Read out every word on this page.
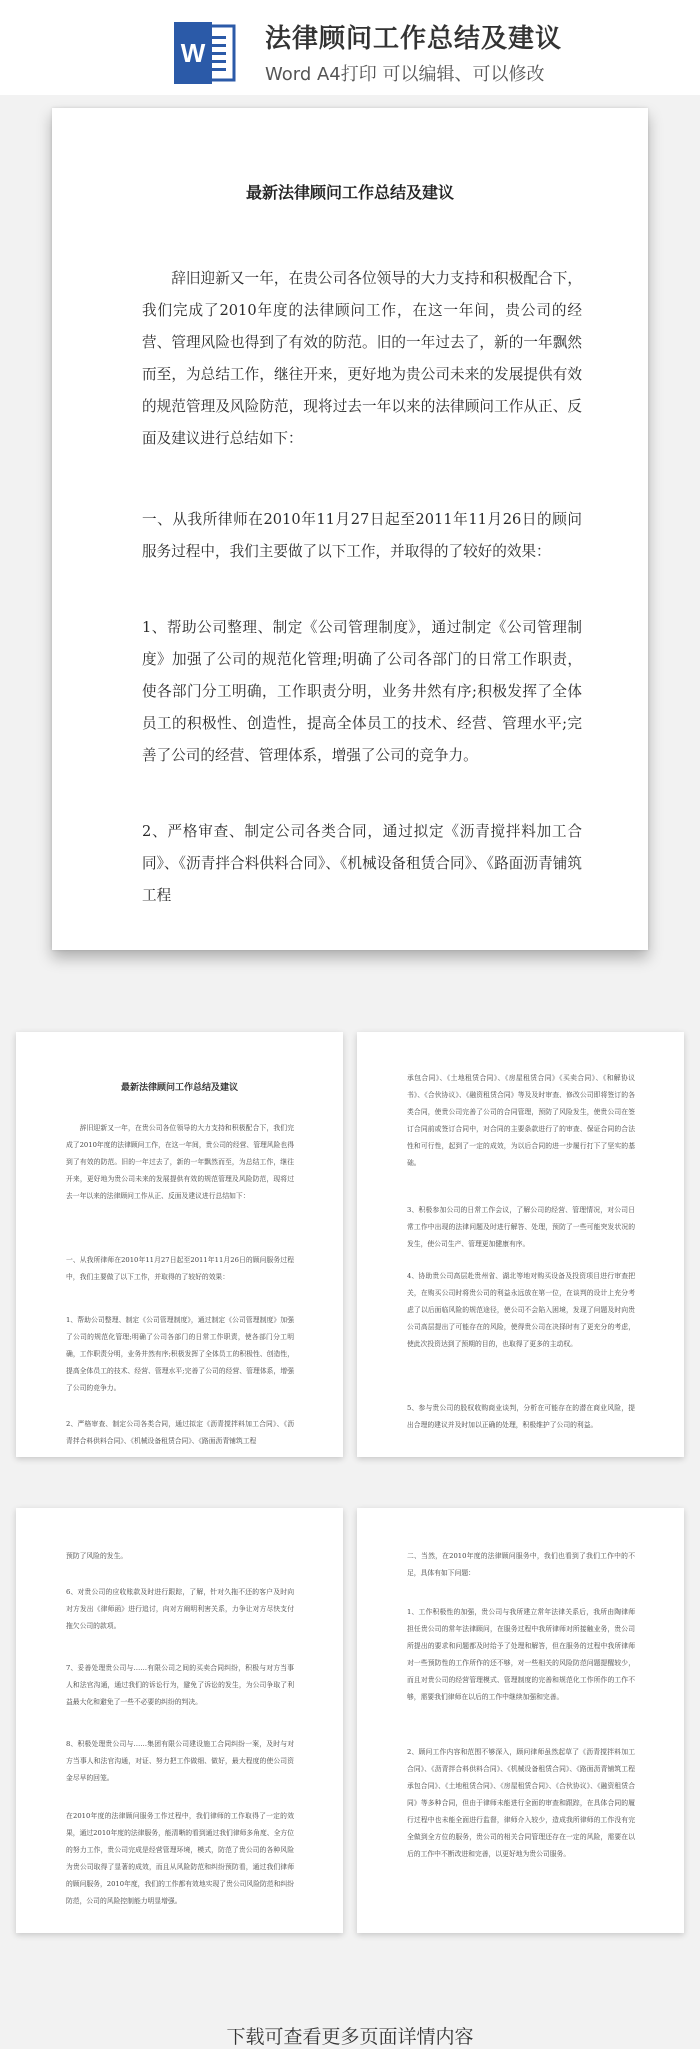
W 法律顾问工作总结及建议
Word A4打印 可以编辑、可以修改
最新法律顾问工作总结及建议

辞旧迎新又一年，在贵公司各位领导的大力支持和积极配合下，我们完成了2010年度的法律顾问工作，在这一年间，贵公司的经营、管理风险也得到了有效的防范。旧的一年过去了，新的一年飘然而至，为总结工作，继往开来，更好地为贵公司未来的发展提供有效的规范管理及风险防范，现将过去一年以来的法律顾问工作从正、反面及建议进行总结如下：

一、从我所律师在2010年11月27日起至2011年11月26日的顾问服务过程中，我们主要做了以下工作，并取得的了较好的效果：

1、帮助公司整理、制定《公司管理制度》，通过制定《公司管理制度》加强了公司的规范化管理;明确了公司各部门的日常工作职责，使各部门分工明确，工作职责分明，业务井然有序;积极发挥了全体员工的积极性、创造性，提高全体员工的技术、经营、管理水平;完善了公司的经营、管理体系，增强了公司的竞争力。

2、严格审查、制定公司各类合同，通过拟定《沥青搅拌料加工合同》、《沥青拌合料供料合同》、《机械设备租赁合同》、《路面沥青铺筑工程

最新法律顾问工作总结及建议

辞旧迎新又一年，在贵公司各位领导的大力支持和积极配合下，我们完成了2010年度的法律顾问工作，在这一年间，贵公司的经营、管理风险也得到了有效的防范。旧的一年过去了，新的一年飘然而至，为总结工作，继往开来，更好地为贵公司未来的发展提供有效的规范管理及风险防范，现将过去一年以来的法律顾问工作从正、反面及建议进行总结如下：

一、从我所律师在2010年11月27日起至2011年11月26日的顾问服务过程中，我们主要做了以下工作，并取得的了较好的效果：

1、帮助公司整理、制定《公司管理制度》，通过制定《公司管理制度》加强了公司的规范化管理;明确了公司各部门的日常工作职责，使各部门分工明确，工作职责分明，业务井然有序;积极发挥了全体员工的积极性、创造性，提高全体员工的技术、经营、管理水平;完善了公司的经营、管理体系，增强了公司的竞争力。

2、严格审查、制定公司各类合同，通过拟定《沥青搅拌料加工合同》、《沥青拌合料供料合同》、《机械设备租赁合同》、《路面沥青铺筑工程

承包合同》、《土地租赁合同》、《房屋租赁合同》《买卖合同》、《和解协议书》、《合伙协议》、《融资租赁合同》等及及时审查、修改公司即将签订的各类合同，使贵公司完善了公司的合同管理，预防了风险发生，使贵公司在签订合同前或签订合同中，对合同的主要条款进行了的审查、保证合同的合法性和可行性，起到了一定的成效，为以后合同的进一步履行打下了坚实的基础。

3、积极参加公司的日常工作会议，了解公司的经营、管理情况，对公司日常工作中出现的法律问题及时进行解答、处理，预防了一些可能突发状况的发生，使公司生产、管理更加健康有序。

4、协助贵公司高层赴贵州省、湖北等地对购买设备及投资项目进行审查把关，在购买公司时将贵公司的利益永远放在第一位，在谈判的设计上充分考虑了以后面临风险的规范途径，使公司不会陷入困境，发现了问题及时向贵公司高层提出了可能存在的风险，使得贵公司在决择时有了更充分的考虑，使此次投资达到了预期的目的，也取得了更多的主动权。

5、参与贵公司的股权收购商业谈判，分析在可能存在的潜在商业风险，提出合理的建议并及时加以正确的处理，积极维护了公司的利益。

预防了风险的发生。

6、对贵公司的应收账款及时进行跟踪，了解，针对久拖不还的客户及时向对方发出《律师函》进行追讨，向对方阐明利害关系，力争让对方尽快支付拖欠公司的款项。

7、妥善处理贵公司与……有限公司之间的买卖合同纠纷，积极与对方当事人和法官沟通，通过我们的诉讼行为，避免了诉讼的发生，为公司争取了利益最大化和避免了一些不必要的纠纷的判决。

8、积极处理贵公司与……集团有限公司建设施工合同纠纷一案，及时与对方当事人和法官沟通，对证、努力把工作做细、做好，最大程度的使公司资金尽早的回笼。

在2010年度的法律顾问服务工作过程中，我们律师的工作取得了一定的效果，通过2010年度的法律服务，能清晰的看到通过我们律师多角度、全方位的努力工作，贵公司完成是经营管理环境，模式，防范了贵公司的各种风险为贵公司取得了显著的成效，而且从风险防范和纠纷预防看，通过我们律师的顾问服务，2010年度，我们的工作都有效地实现了贵公司风险防范和纠纷防范，公司的风险控制能力明显增强。

二、当然，在2010年度的法律顾问服务中，我们也看到了我们工作中的不足，具体有如下问题：

1、工作积极性的加强，贵公司与我所建立常年法律关系后，我所由陶律师担任贵公司的常年法律顾问，在服务过程中我所律师对所接触业务，贵公司所提出的要求和问题都及时给予了处理和解答，但在服务的过程中我所律师对一些预防性的工作所作的还不够，对一些相关的风险防范问题提醒较少，而且对贵公司的经营管理模式、管理制度的完善和规范化工作所作的工作不够，需要我们律师在以后的工作中继续加强和完善。

2、顾问工作内容和范围不够深入，顾问律师虽然起草了《沥青搅拌料加工合同》、《沥青拌合料供料合同》、《机械设备租赁合同》、《路面沥青铺筑工程承包合同》、《土地租赁合同》、《房屋租赁合同》、《合伙协议》、《融资租赁合同》等多种合同，但由于律师未能进行全面的审查和跟踪，在具体合同的履行过程中也未能全面进行监督，律师介入较少，造成我所律师的工作没有完全做到全方位的服务，贵公司的相关合同管理还存在一定的风险，需要在以后的工作中不断改进和完善，以更好地为贵公司服务。

下载可查看更多页面详情内容
